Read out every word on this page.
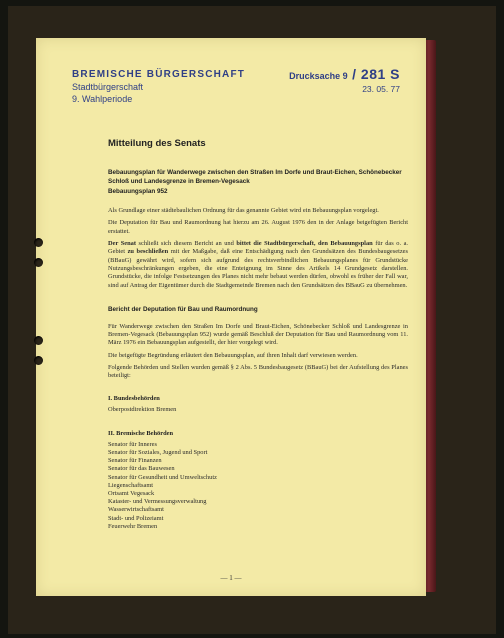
BREMISCHE BÜRGERSCHAFT
Stadtbürgerschaft
9. Wahlperiode
Drucksache 9 / 281 S
23. 05. 77
Mitteilung des Senats
Bebauungsplan für Wanderwege zwischen den Straßen Im Dorfe und Braut-Eichen, Schönebecker Schloß und Landesgrenze in Bremen-Vegesack
Bebauungsplan 952

Als Grundlage einer städtebaulichen Ordnung für das genannte Gebiet wird ein Bebauungsplan vorgelegt.

Die Deputation für Bau und Raumordnung hat hierzu am 26. August 1976 den in der Anlage beigefügten Bericht erstattet.

Der Senat schließt sich diesem Bericht an und bittet die Stadtbürgerschaft, den Bebauungsplan für das o. a. Gebiet zu beschließen mit der Maßgabe, daß eine Entschädigung nach den Grundsätzen des Bundesbaugesetzes (BBauG) gewährt wird, sofern sich aufgrund des rechtsverbindlichen Bebauungsplanes für Grundstücke Nutzungsbeschränkungen ergeben, die eine Enteignung im Sinne des Artikels 14 Grundgesetz darstellen. Grundstücke, die infolge Festsetzungen des Planes nicht mehr bebaut werden dürfen, obwohl es früher der Fall war, sind auf Antrag der Eigentümer durch die Stadtgemeinde Bremen nach den Grundsätzen des BBauG zu übernehmen.

Bericht der Deputation für Bau und Raumordnung

Für Wanderwege zwischen den Straßen Im Dorfe und Braut-Eichen, Schönebecker Schloß und Landesgrenze in Bremen-Vegesack (Bebauungsplan 952) wurde gemäß Beschluß der Deputation für Bau und Raumordnung vom 11. März 1976 ein Bebauungsplan aufgestellt, der hier vorgelegt wird.

Die beigefügte Begründung erläutert den Bebauungsplan, auf ihren Inhalt darf verwiesen werden.

Folgende Behörden und Stellen wurden gemäß § 2 Abs. 5 Bundesbaugesetz (BBauG) bei der Aufstellung des Planes beteiligt:

I. Bundesbehörden
Oberpostdirektion Bremen
II. Bremische Behörden
Senator für Inneres
Senator für Soziales, Jugend und Sport
Senator für Finanzen
Senator für das Bauwesen
Senator für Gesundheit und Umweltschutz
Liegenschaftsamt
Ortsamt Vegesack
Kataster- und Vermessungsverwaltung
Wasserwirtschaftsamt
Stadt- und Polizeiamt
Feuerwehr Bremen
— 1 —
